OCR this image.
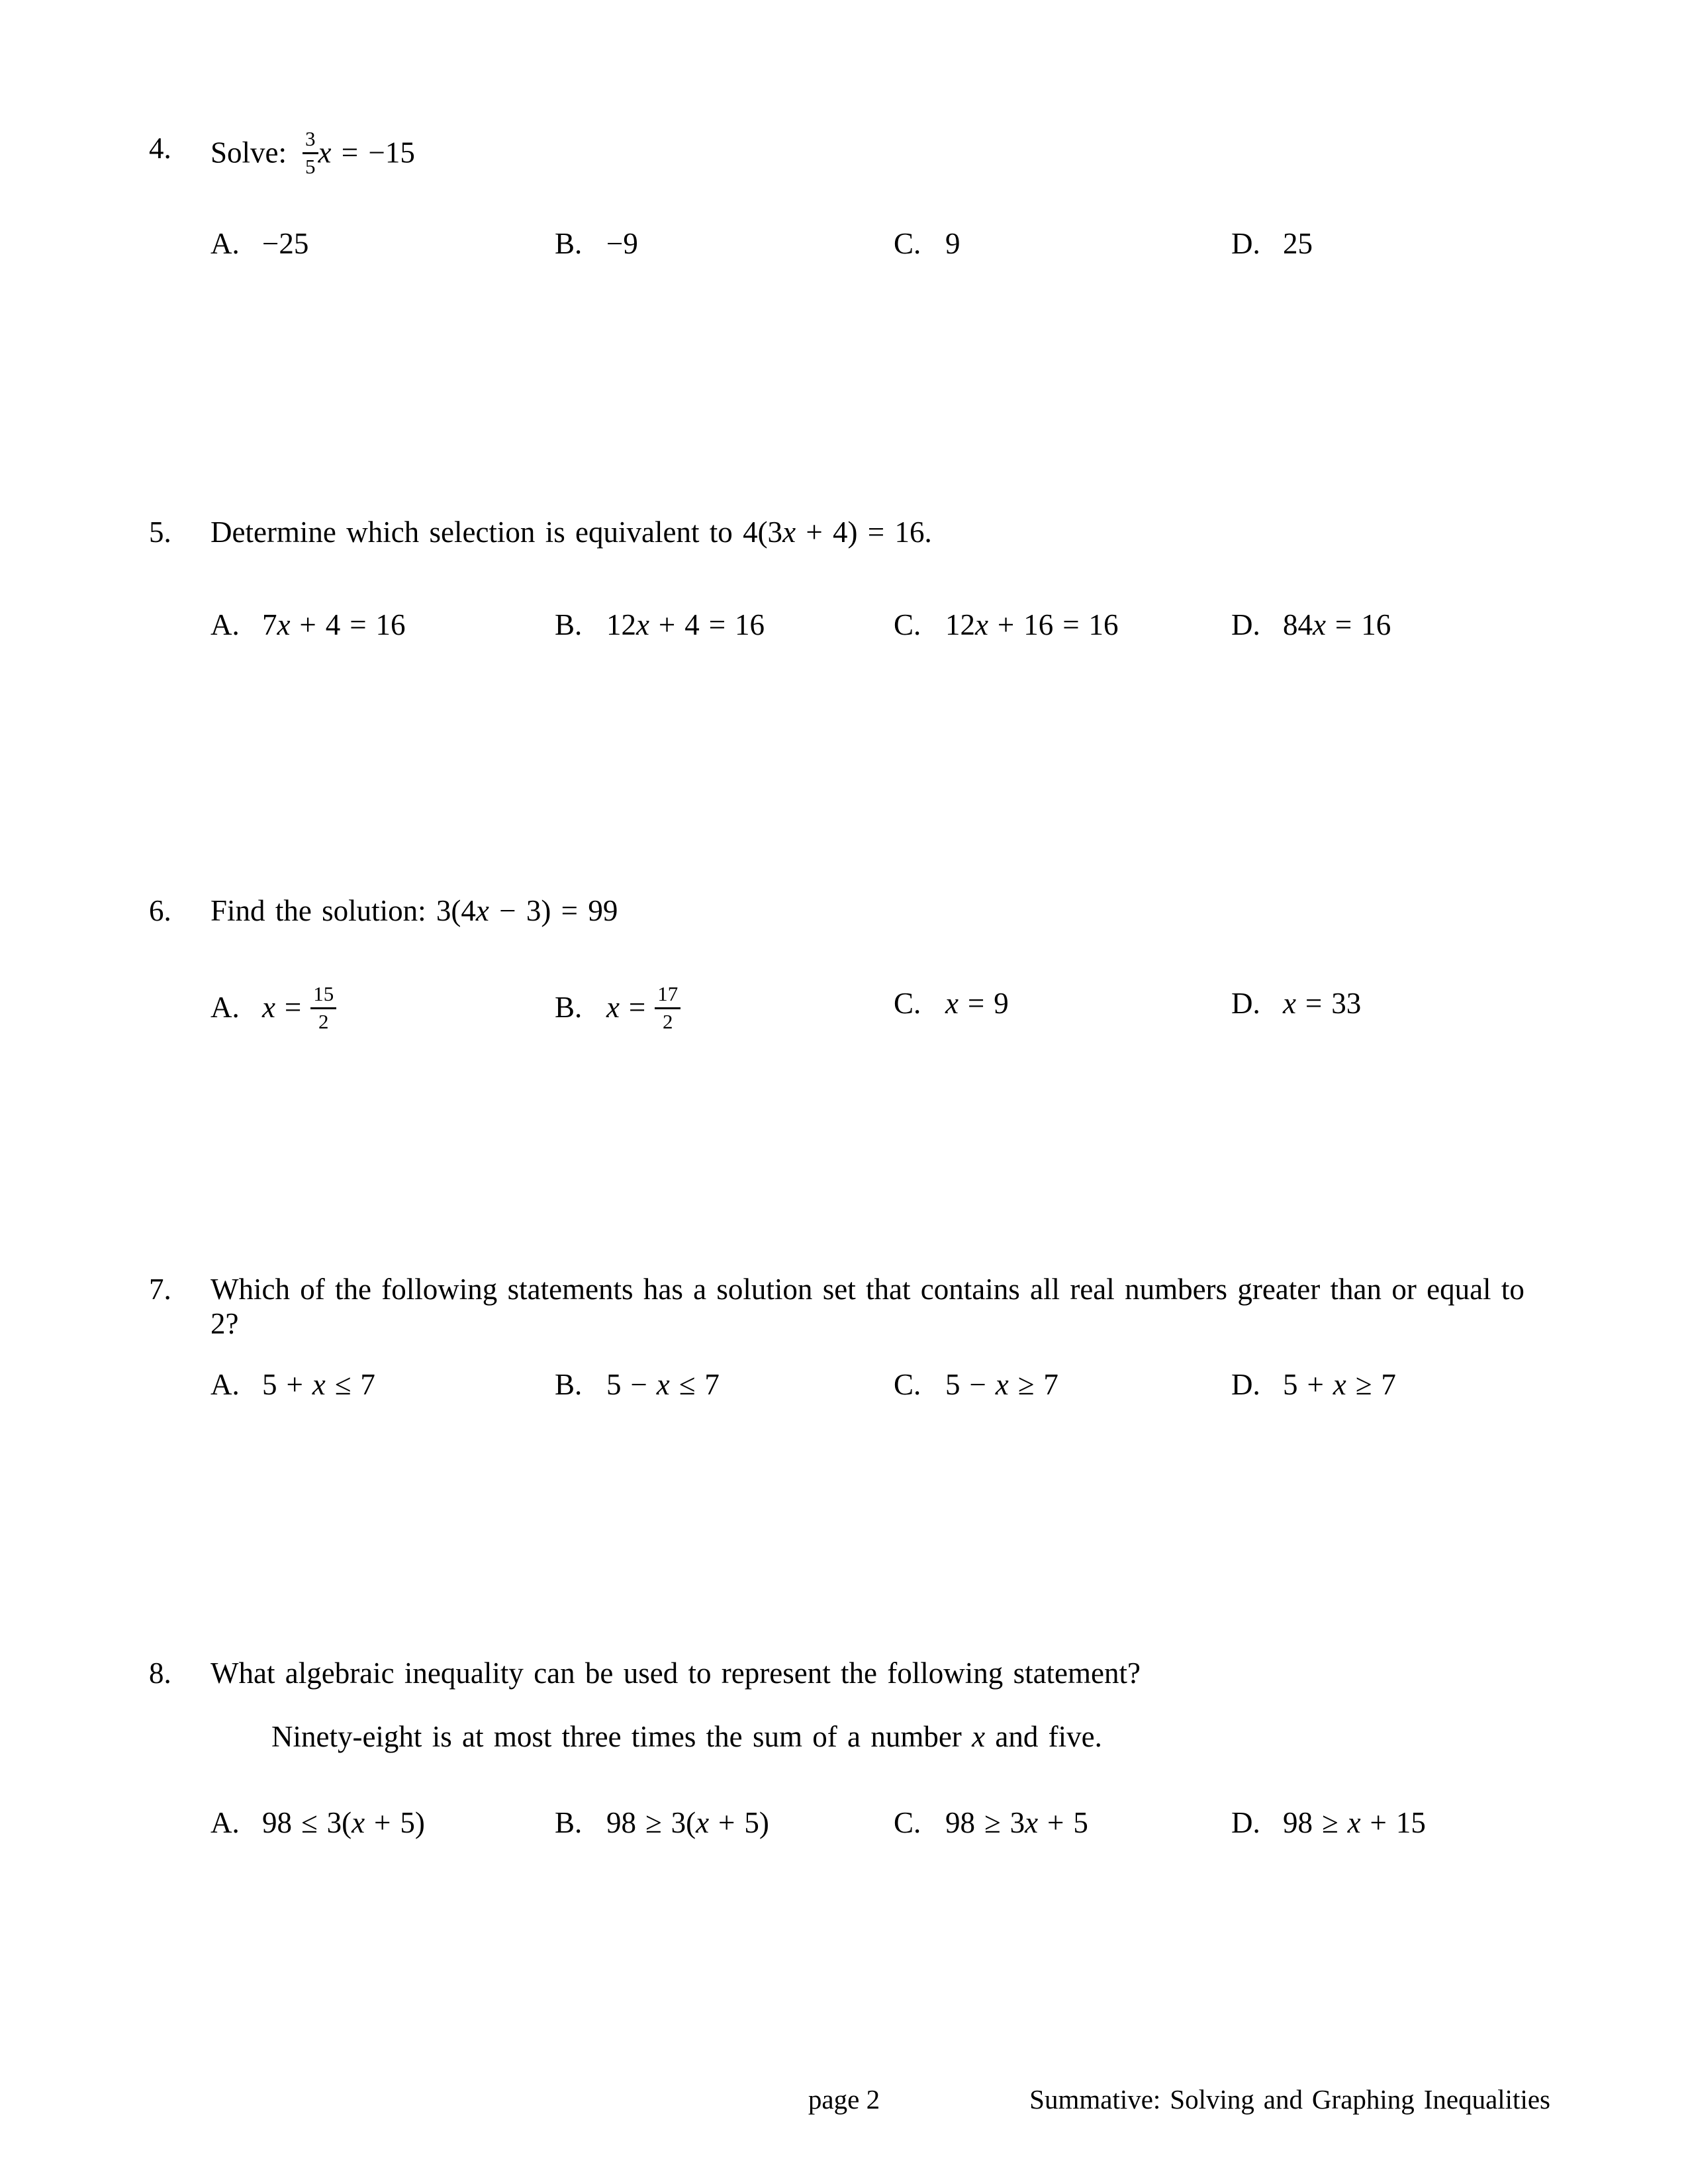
4. Solve: $\frac{3}{5}$ x = −15
A. −25	B. −9	C. 9	D. 25
5. Determine which selection is equivalent to 4(3x + 4) = 16.
A. 7x + 4 = 16	B. 12x + 4 = 16	C. 12x + 16 = 16	D. 84x = 16
6. Find the solution: 3(4x − 3) = 99
A. $x = \frac{15}{2}$	B. $x = \frac{17}{2}$	C. x = 9	D. x = 33
7. Which of the following statements has a solution set that contains all real numbers greater than or equal to 2?
A. 5 + x ≤ 7	B. 5 − x ≤ 7	C. 5 − x ≥ 7	D. 5 + x ≥ 7
8. What algebraic inequality can be used to represent the following statement?
Ninety-eight is at most three times the sum of a number x and five.
A. 98 ≤ 3(x + 5)	B. 98 ≥ 3(x + 5)	C. 98 ≥ 3x + 5	D. 98 ≥ x + 15
page 2	Summative: Solving and Graphing Inequalities
